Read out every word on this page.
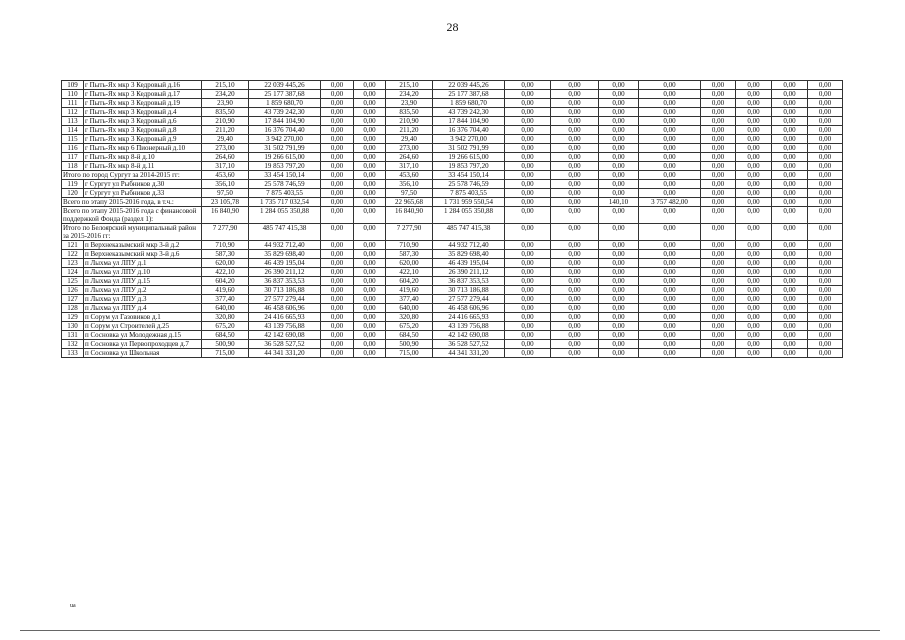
28
109	г Пыть-Ях мкр 3 Кедровый д.16	215,10	22 039 445,26	0,00	0,00	215,10	22 039 445,26	0,00	0,00	0,00	0,00	0,00	0,00	0,00	0,00
110	г Пыть-Ях мкр 3 Кедровый д.17	234,20	25 177 387,68	0,00	0,00	234,20	25 177 387,68	0,00	0,00	0,00	0,00	0,00	0,00	0,00	0,00
111	г Пыть-Ях мкр 3 Кедровый д.19	23,90	1 859 680,70	0,00	0,00	23,90	1 859 680,70	0,00	0,00	0,00	0,00	0,00	0,00	0,00	0,00
112	г Пыть-Ях мкр 3 Кедровый д.4	835,50	43 739 242,30	0,00	0,00	835,50	43 739 242,30	0,00	0,00	0,00	0,00	0,00	0,00	0,00	0,00
113	г Пыть-Ях мкр 3 Кедровый д.6	210,90	17 844 104,90	0,00	0,00	210,90	17 844 104,90	0,00	0,00	0,00	0,00	0,00	0,00	0,00	0,00
114	г Пыть-Ях мкр 3 Кедровый д.8	211,20	16 376 704,40	0,00	0,00	211,20	16 376 704,40	0,00	0,00	0,00	0,00	0,00	0,00	0,00	0,00
115	г Пыть-Ях мкр 3 Кедровый д.9	29,40	3 942 270,00	0,00	0,00	29,40	3 942 270,00	0,00	0,00	0,00	0,00	0,00	0,00	0,00	0,00
116	г Пыть-Ях мкр 6 Пионерный д.10	273,00	31 502 791,99	0,00	0,00	273,00	31 502 791,99	0,00	0,00	0,00	0,00	0,00	0,00	0,00	0,00
117	г Пыть-Ях мкр 8-й д.10	264,60	19 266 615,00	0,00	0,00	264,60	19 266 615,00	0,00	0,00	0,00	0,00	0,00	0,00	0,00	0,00
118	г Пыть-Ях мкр 8-й д.11	317,10	19 853 797,20	0,00	0,00	317,10	19 853 797,20	0,00	0,00	0,00	0,00	0,00	0,00	0,00	0,00
Итого по город Сургут за 2014-2015 гг:		453,60	33 454 150,14	0,00	0,00	453,60	33 454 150,14	0,00	0,00	0,00	0,00	0,00	0,00	0,00	0,00
119	г Сургут ул Рыбников д.30	356,10	25 578 746,59	0,00	0,00	356,10	25 578 746,59	0,00	0,00	0,00	0,00	0,00	0,00	0,00	0,00
120	г Сургут ул Рыбников д.33	97,50	7 875 403,55	0,00	0,00	97,50	7 875 403,55	0,00	0,00	0,00	0,00	0,00	0,00	0,00	0,00
Всего по этапу 2015-2016 года, в т.ч.:		23 105,78	1 735 717 032,54	0,00	0,00	22 965,68	1 731 959 550,54	0,00	0,00	140,10	3 757 482,00	0,00	0,00	0,00	0,00
Всего по этапу 2015-2016 года с финансовой поддержкой Фонда (раздел 1):		16 840,90	1 284 055 350,88	0,00	0,00	16 840,90	1 284 055 350,88	0,00	0,00	0,00	0,00	0,00	0,00	0,00	0,00
Итого по Белоярский муниципальный район за 2015-2016 гг:		7 277,90	485 747 415,38	0,00	0,00	7 277,90	485 747 415,38	0,00	0,00	0,00	0,00	0,00	0,00	0,00	0,00
121	п Верхнеказымский мкр 3-й д.2	710,90	44 932 712,40	0,00	0,00	710,90	44 932 712,40	0,00	0,00	0,00	0,00	0,00	0,00	0,00	0,00
122	п Верхнеказымский мкр 3-й д.6	587,30	35 829 698,40	0,00	0,00	587,30	35 829 698,40	0,00	0,00	0,00	0,00	0,00	0,00	0,00	0,00
123	п Лыхма ул ЛПУ д.1	620,00	46 439 195,04	0,00	0,00	620,00	46 439 195,04	0,00	0,00	0,00	0,00	0,00	0,00	0,00	0,00
124	п Лыхма ул ЛПУ д.10	422,10	26 390 211,12	0,00	0,00	422,10	26 390 211,12	0,00	0,00	0,00	0,00	0,00	0,00	0,00	0,00
125	п Лыхма ул ЛПУ д.15	604,20	36 837 353,53	0,00	0,00	604,20	36 837 353,53	0,00	0,00	0,00	0,00	0,00	0,00	0,00	0,00
126	п Лыхма ул ЛПУ д.2	419,60	30 713 186,88	0,00	0,00	419,60	30 713 186,88	0,00	0,00	0,00	0,00	0,00	0,00	0,00	0,00
127	п Лыхма ул ЛПУ д.3	377,40	27 577 279,44	0,00	0,00	377,40	27 577 279,44	0,00	0,00	0,00	0,00	0,00	0,00	0,00	0,00
128	п Лыхма ул ЛПУ д.4	640,00	46 458 606,96	0,00	0,00	640,00	46 458 606,96	0,00	0,00	0,00	0,00	0,00	0,00	0,00	0,00
129	п Сорум ул Газовиков д.1	320,80	24 416 665,93	0,00	0,00	320,80	24 416 665,93	0,00	0,00	0,00	0,00	0,00	0,00	0,00	0,00
130	п Сорум ул Строителей д.25	675,20	43 139 756,88	0,00	0,00	675,20	43 139 756,88	0,00	0,00	0,00	0,00	0,00	0,00	0,00	0,00
131	п Сосновка ул Молодежная д.15	684,50	42 142 690,08	0,00	0,00	684,50	42 142 690,08	0,00	0,00	0,00	0,00	0,00	0,00	0,00	0,00
132	п Сосновка ул Первопроходцев д.7	500,90	36 528 527,52	0,00	0,00	500,90	36 528 527,52	0,00	0,00	0,00	0,00	0,00	0,00	0,00	0,00
133	п Сосновка ул Школьная	715,00	44 341 331,20	0,00	0,00	715,00	44 341 331,20	0,00	0,00	0,00	0,00	0,00	0,00	0,00	0,00
ua
